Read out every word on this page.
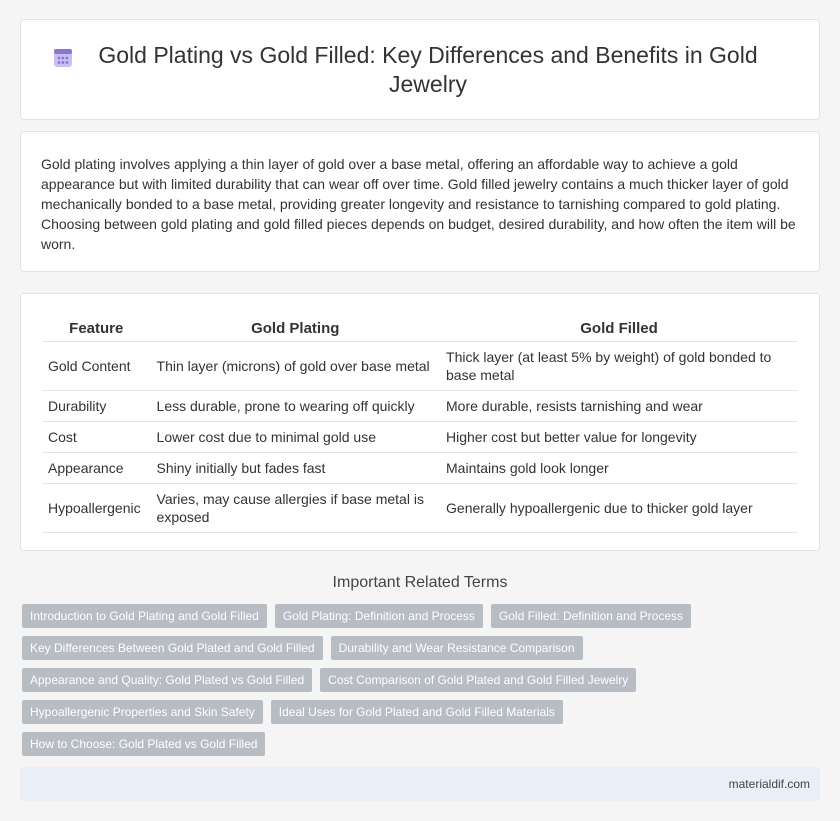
Gold Plating vs Gold Filled: Key Differences and Benefits in Gold Jewelry
Gold plating involves applying a thin layer of gold over a base metal, offering an affordable way to achieve a gold appearance but with limited durability that can wear off over time. Gold filled jewelry contains a much thicker layer of gold mechanically bonded to a base metal, providing greater longevity and resistance to tarnishing compared to gold plating. Choosing between gold plating and gold filled pieces depends on budget, desired durability, and how often the item will be worn.
Feature	Gold Plating	Gold Filled
Gold Content	Thin layer (microns) of gold over base metal	Thick layer (at least 5% by weight) of gold bonded to base metal
Durability	Less durable, prone to wearing off quickly	More durable, resists tarnishing and wear
Cost	Lower cost due to minimal gold use	Higher cost but better value for longevity
Appearance	Shiny initially but fades fast	Maintains gold look longer
Hypoallergenic	Varies, may cause allergies if base metal is exposed	Generally hypoallergenic due to thicker gold layer
Important Related Terms
Introduction to Gold Plating and Gold Filled	Gold Plating: Definition and Process	Gold Filled: Definition and Process
Key Differences Between Gold Plated and Gold Filled	Durability and Wear Resistance Comparison
Appearance and Quality: Gold Plated vs Gold Filled	Cost Comparison of Gold Plated and Gold Filled Jewelry
Hypoallergenic Properties and Skin Safety	Ideal Uses for Gold Plated and Gold Filled Materials
How to Choose: Gold Plated vs Gold Filled
materialdif.com
